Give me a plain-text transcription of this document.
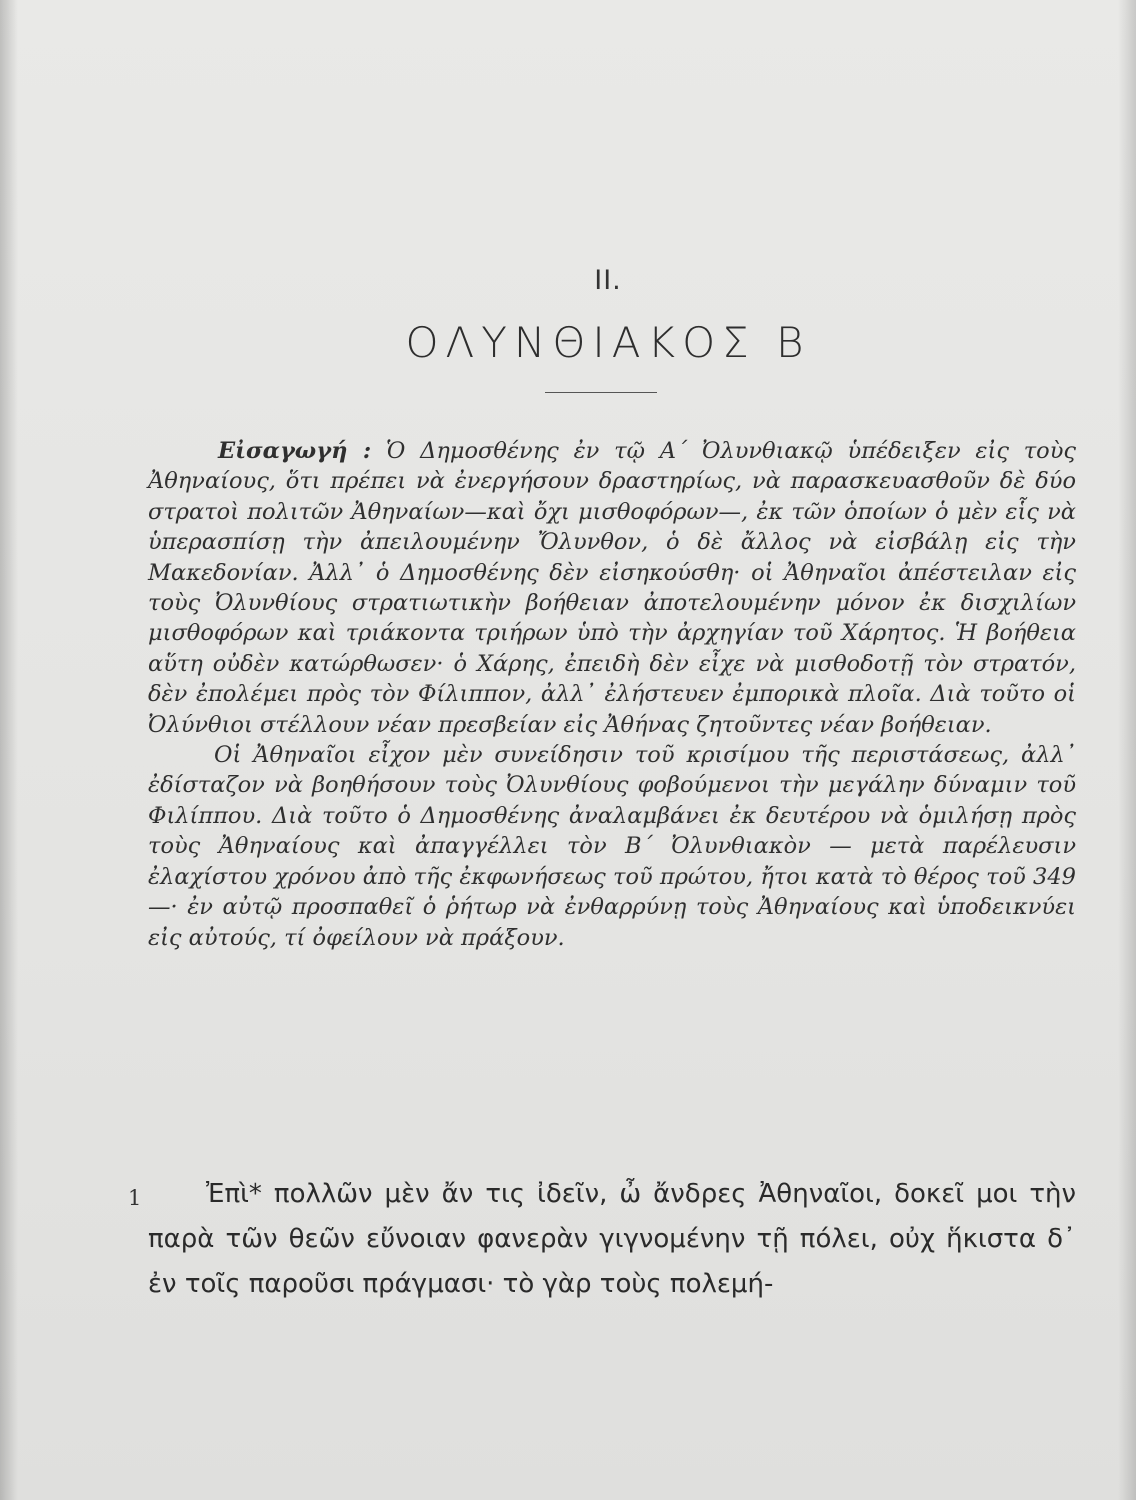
II.
ΟΛΥΝΘΙΑΚΟΣ Β

Εἰσαγωγή : Ὁ Δημοσθένης ἐν τῷ Α΄ Ὀλυνθιακῷ ὑπέδειξεν εἰς τοὺς Ἀθηναίους, ὅτι πρέπει νὰ ἐνεργήσουν δραστηρίως, νὰ παρασκευασθοῦν δὲ δύο στρατοὶ πολιτῶν Ἀθηναίων—καὶ ὄχι μισθοφόρων—, ἐκ τῶν ὁποίων ὁ μὲν εἷς νὰ ὑπερασπίσῃ τὴν ἀπειλουμένην Ὄλυνθον, ὁ δὲ ἄλλος νὰ εἰσβάλῃ εἰς τὴν Μακεδονίαν. Ἀλλ᾽ ὁ Δημοσθένης δὲν εἰσηκούσθη· οἱ Ἀθηναῖοι ἀπέστειλαν εἰς τοὺς Ὀλυνθίους στρατιωτικὴν βοήθειαν ἀποτελουμένην μόνον ἐκ δισχιλίων μισθοφόρων καὶ τριάκοντα τριήρων ὑπὸ τὴν ἀρχηγίαν τοῦ Χάρητος. Ἡ βοήθεια αὕτη οὐδὲν κατώρθωσεν· ὁ Χάρης, ἐπειδὴ δὲν εἶχε νὰ μισθοδοτῇ τὸν στρατόν, δὲν ἐπολέμει πρὸς τὸν Φίλιππον, ἀλλ᾽ ἐλήστευεν ἐμπορικὰ πλοῖα. Διὰ τοῦτο οἱ Ὀλύνθιοι στέλλουν νέαν πρεσβείαν εἰς Ἀθήνας ζητοῦντες νέαν βοήθειαν.

Οἱ Ἀθηναῖοι εἶχον μὲν συνείδησιν τοῦ κρισίμου τῆς περιστάσεως, ἀλλ᾽ ἐδίσταζον νὰ βοηθήσουν τοὺς Ὀλυνθίους φοβούμενοι τὴν μεγάλην δύναμιν τοῦ Φιλίππου. Διὰ τοῦτο ὁ Δημοσθένης ἀναλαμβάνει ἐκ δευτέρου νὰ ὁμιλήσῃ πρὸς τοὺς Ἀθηναίους καὶ ἀπαγγέλλει τὸν Β΄ Ὀλυνθιακὸν — μετὰ παρέλευσιν ἐλαχίστου χρόνου ἀπὸ τῆς ἐκφωνήσεως τοῦ πρώτου, ἤτοι κατὰ τὸ θέρος τοῦ 349—· ἐν αὐτῷ προσπαθεῖ ὁ ῥήτωρ νὰ ἐνθαρρύνῃ τοὺς Ἀθηναίους καὶ ὑποδεικνύει εἰς αὐτούς, τί ὀφείλουν νὰ πράξουν.

1	Ἐπὶ* πολλῶν μὲν ἄν τις ἰδεῖν, ὦ ἄνδρες Ἀθηναῖοι, δοκεῖ μοι τὴν παρὰ τῶν θεῶν εὔνοιαν φανερὰν γιγνομένην τῇ πόλει, οὐχ ἥκιστα δ᾽ ἐν τοῖς παροῦσι πράγμασι· τὸ γὰρ τοὺς πολεμή-
